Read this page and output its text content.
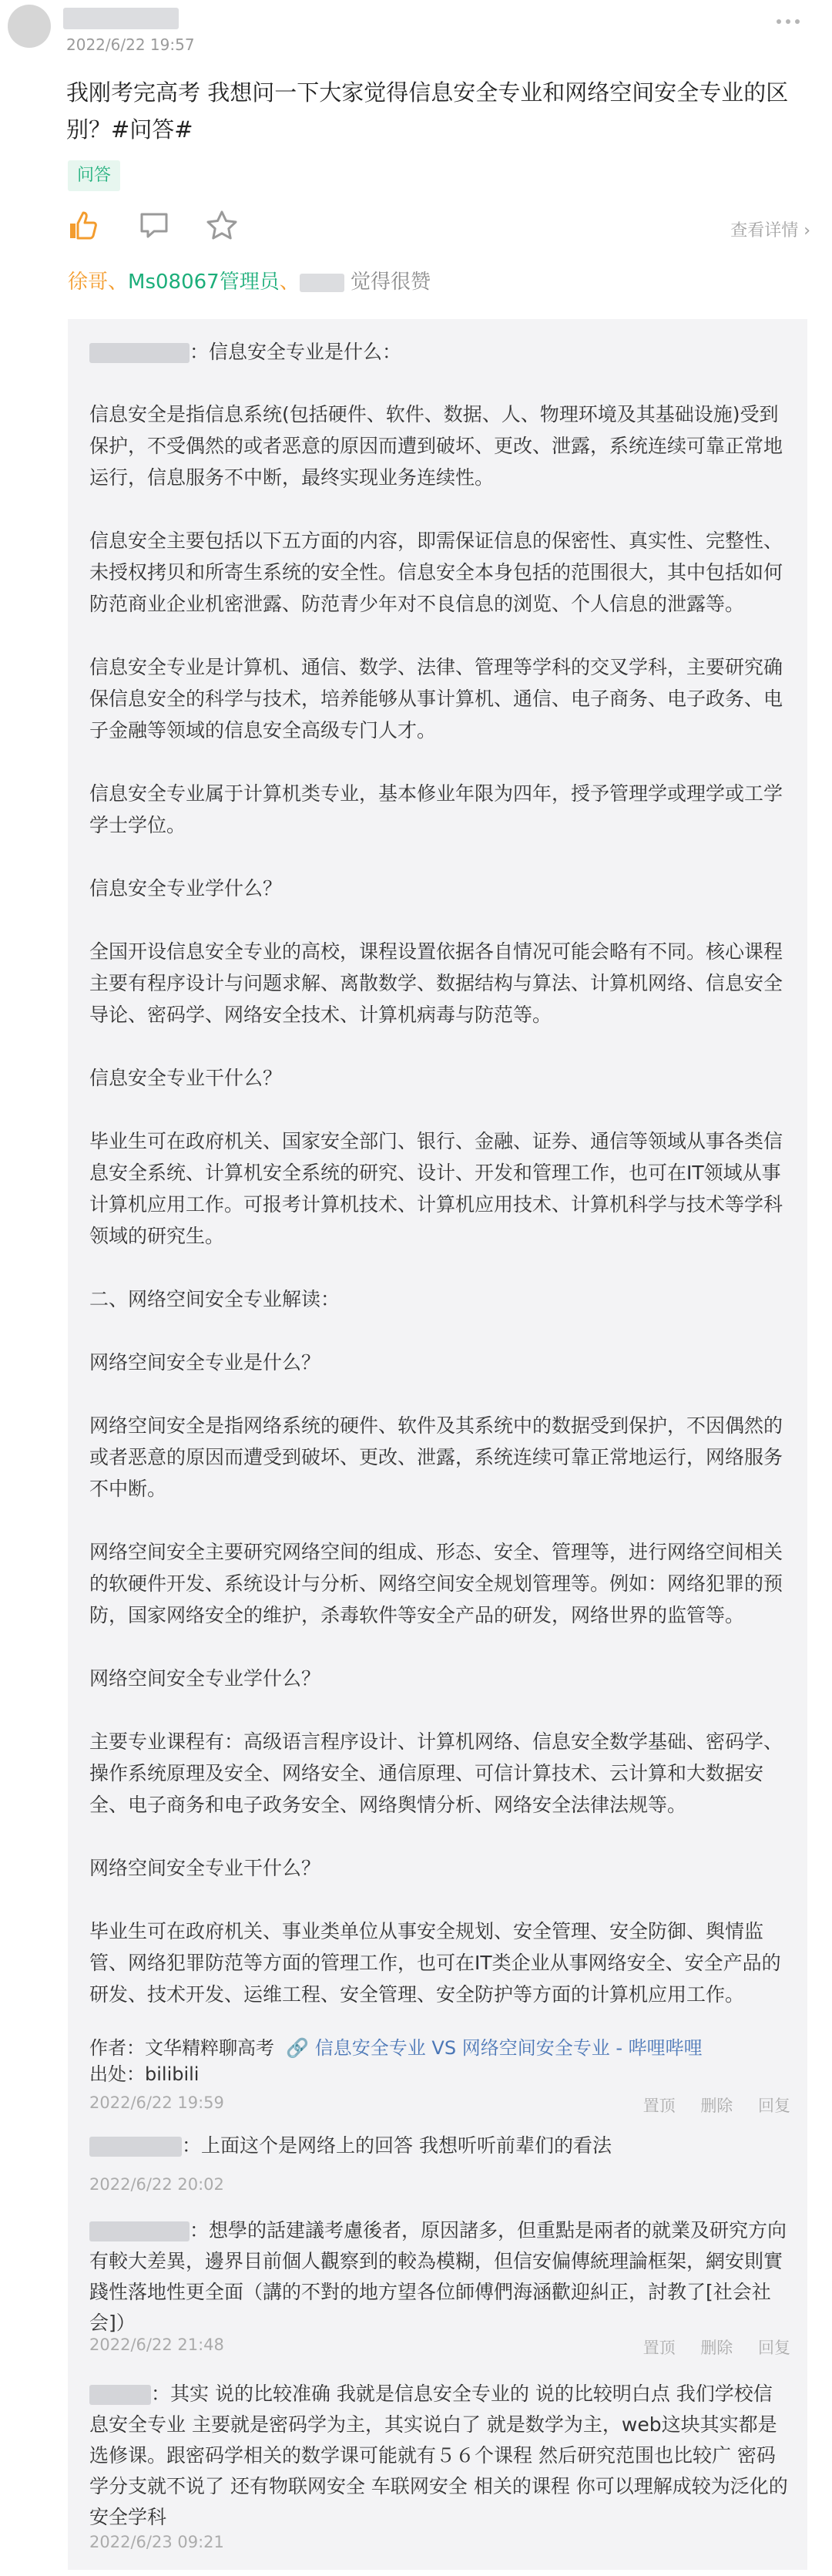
2022/6/22 19:57
我刚考完高考 我想问一下大家觉得信息安全专业和网络空间安全专业的区别？#问答#
问答
查看详情 ›
徐哥、Ms08067管理员、	觉得很赞

：信息安全专业是什么：

信息安全是指信息系统(包括硬件、软件、数据、人、物理环境及其基础设施)受到保护，不受偶然的或者恶意的原因而遭到破坏、更改、泄露，系统连续可靠正常地运行，信息服务不中断，最终实现业务连续性。

信息安全主要包括以下五方面的内容，即需保证信息的保密性、真实性、完整性、未授权拷贝和所寄生系统的安全性。信息安全本身包括的范围很大，其中包括如何防范商业企业机密泄露、防范青少年对不良信息的浏览、个人信息的泄露等。

信息安全专业是计算机、通信、数学、法律、管理等学科的交叉学科，主要研究确保信息安全的科学与技术，培养能够从事计算机、通信、电子商务、电子政务、电子金融等领域的信息安全高级专门人才。

信息安全专业属于计算机类专业，基本修业年限为四年，授予管理学或理学或工学学士学位。

信息安全专业学什么？

全国开设信息安全专业的高校，课程设置依据各自情况可能会略有不同。核心课程主要有程序设计与问题求解、离散数学、数据结构与算法、计算机网络、信息安全导论、密码学、网络安全技术、计算机病毒与防范等。

信息安全专业干什么？

毕业生可在政府机关、国家安全部门、银行、金融、证券、通信等领域从事各类信息安全系统、计算机安全系统的研究、设计、开发和管理工作，也可在IT领域从事计算机应用工作。可报考计算机技术、计算机应用技术、计算机科学与技术等学科领域的研究生。

二、网络空间安全专业解读：

网络空间安全专业是什么？

网络空间安全是指网络系统的硬件、软件及其系统中的数据受到保护，不因偶然的或者恶意的原因而遭受到破坏、更改、泄露，系统连续可靠正常地运行，网络服务不中断。

网络空间安全主要研究网络空间的组成、形态、安全、管理等，进行网络空间相关的软硬件开发、系统设计与分析、网络空间安全规划管理等。例如：网络犯罪的预防，国家网络安全的维护，杀毒软件等安全产品的研发，网络世界的监管等。

网络空间安全专业学什么？

主要专业课程有：高级语言程序设计、计算机网络、信息安全数学基础、密码学、操作系统原理及安全、网络安全、通信原理、可信计算技术、云计算和大数据安全、电子商务和电子政务安全、网络舆情分析、网络安全法律法规等。

网络空间安全专业干什么？

毕业生可在政府机关、事业类单位从事安全规划、安全管理、安全防御、舆情监管、网络犯罪防范等方面的管理工作，也可在IT类企业从事网络安全、安全产品的研发、技术开发、运维工程、安全管理、安全防护等方面的计算机应用工作。

作者：文华精粹聊高考  🔗 信息安全专业 VS 网络空间安全专业 - 哔哩哔哩
出处：bilibili
2022/6/22 19:59	置顶 删除 回复
：上面这个是网络上的回答 我想听听前辈们的看法
2022/6/22 20:02
：想學的話建議考慮後者，原因諸多，但重點是兩者的就業及研究方向有較大差異，邊界目前個人觀察到的較為模糊，但信安偏傳統理論框架，網安則實踐性落地性更全面（講的不對的地方望各位師傅們海涵歡迎糾正，討教了[社会社会]）
2022/6/22 21:48	置顶 删除 回复
：其实 说的比较准确 我就是信息安全专业的 说的比较明白点 我们学校信息安全专业 主要就是密码学为主，其实说白了 就是数学为主，web这块其实都是选修课。跟密码学相关的数学课可能就有５６个课程 然后研究范围也比较广 密码学分支就不说了 还有物联网安全 车联网安全 相关的课程 你可以理解成较为泛化的安全学科
2022/6/23 09:21
